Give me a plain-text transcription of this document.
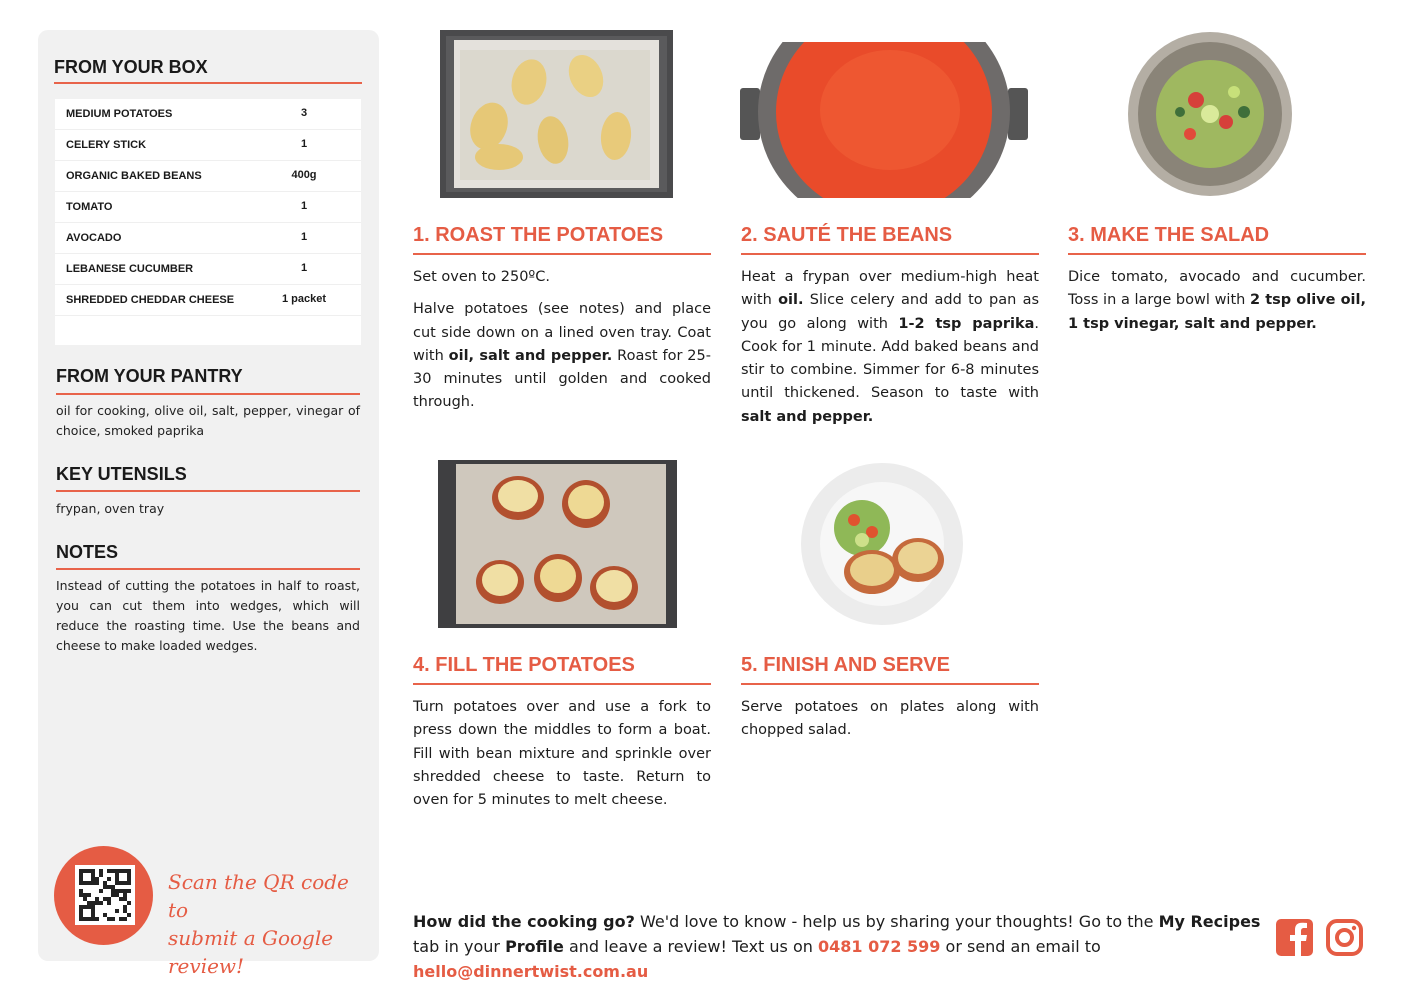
FROM YOUR BOX
MEDIUM POTATOES	3
CELERY STICK	1
ORGANIC BAKED BEANS	400g
TOMATO	1
AVOCADO	1
LEBANESE CUCUMBER	1
SHREDDED CHEDDAR CHEESE	1 packet
FROM YOUR PANTRY
oil for cooking, olive oil, salt, pepper, vinegar of choice, smoked paprika
KEY UTENSILS
frypan, oven tray
NOTES
Instead of cutting the potatoes in half to roast, you can cut them into wedges, which will reduce the roasting time. Use the beans and cheese to make loaded wedges.
Scan the QR code to
submit a Google review!
1. ROAST THE POTATOES

Set oven to 250ºC.

Halve potatoes (see notes) and place cut side down on a lined oven tray. Coat with oil, salt and pepper. Roast for 25-30 minutes until golden and cooked through.

2. SAUTÉ THE BEANS

Heat a frypan over medium-high heat with oil. Slice celery and add to pan as you go along with 1-2 tsp paprika. Cook for 1 minute. Add baked beans and stir to combine. Simmer for 6-8 minutes until thickened. Season to taste with salt and pepper.

3. MAKE THE SALAD

Dice tomato, avocado and cucumber. Toss in a large bowl with 2 tsp olive oil, 1 tsp vinegar, salt and pepper.

4. FILL THE POTATOES
Turn potatoes over and use a fork to press down the middles to form a boat. Fill with bean mixture and sprinkle over shredded cheese to taste. Return to oven for 5 minutes to melt cheese.
5. FINISH AND SERVE
Serve potatoes on plates along with chopped salad.
How did the cooking go? We'd love to know - help us by sharing your thoughts! Go to the My Recipes tab in your Profile and leave a review! Text us on 0481 072 599 or send an email to hello@dinnertwist.com.au
